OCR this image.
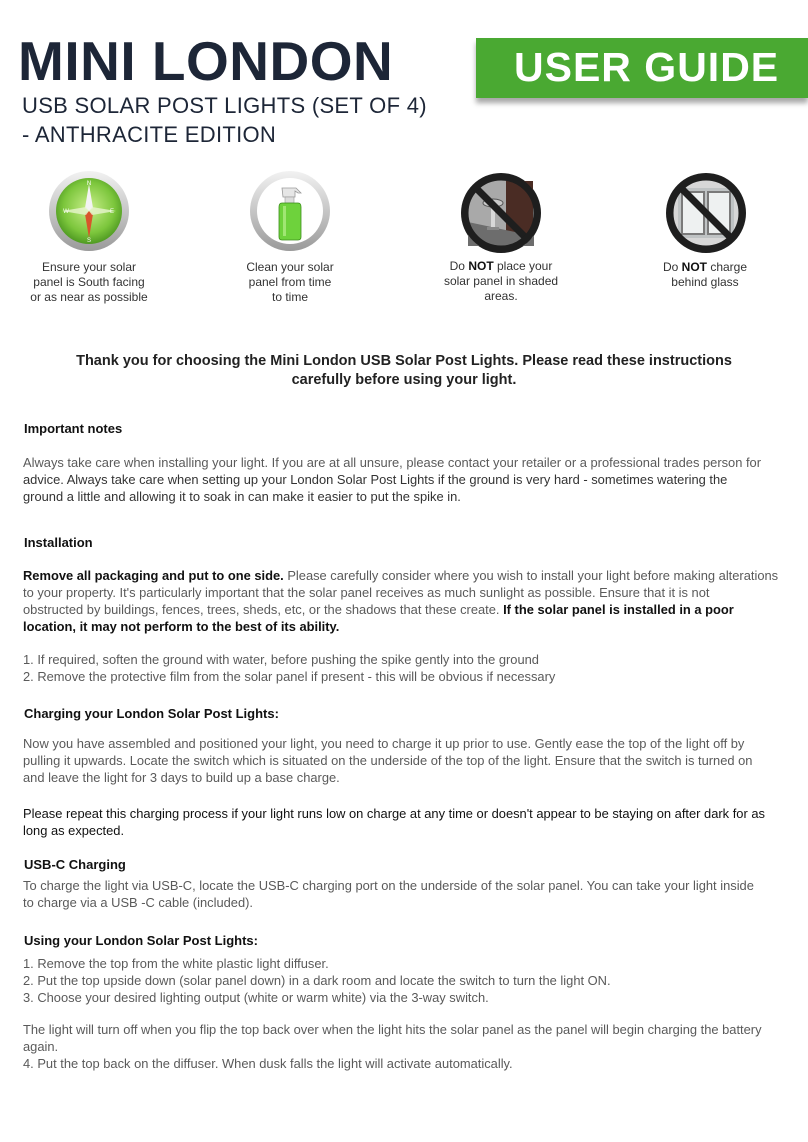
MINI LONDON
USB SOLAR POST LIGHTS (SET OF 4)
- ANTHRACITE EDITION
USER GUIDE
N
W	E
S
Ensure your solar
panel is South facing
or as near as possible
Clean your solar
panel from time
to time
Do NOT place your
solar panel in shaded
areas.
Do NOT charge
behind glass
Thank you for choosing the Mini London USB Solar Post Lights. Please read these instructions
carefully before using your light.
Important notes
Always take care when installing your light. If you are at all unsure, please contact your retailer or a professional trades person for
advice. Always take care when setting up your London Solar Post Lights if the ground is very hard - sometimes watering the
ground a little and allowing it to soak in can make it easier to put the spike in.
Installation
Remove all packaging and put to one side. Please carefully consider where you wish to install your light before making alterations
to your property. It's particularly important that the solar panel receives as much sunlight as possible. Ensure that it is not
obstructed by buildings, fences, trees, sheds, etc, or the shadows that these create. If the solar panel is installed in a poor
location, it may not perform to the best of its ability.
1. If required, soften the ground with water, before pushing the spike gently into the ground
2. Remove the protective film from the solar panel if present - this will be obvious if necessary
Charging your London Solar Post Lights:
Now you have assembled and positioned your light, you need to charge it up prior to use. Gently ease the top of the light off by
pulling it upwards. Locate the switch which is situated on the underside of the top of the light. Ensure that the switch is turned on
and leave the light for 3 days to build up a base charge.
Please repeat this charging process if your light runs low on charge at any time or doesn't appear to be staying on after dark for as
long as expected.
USB-C Charging
To charge the light via USB-C, locate the USB-C charging port on the underside of the solar panel. You can take your light inside
to charge via a USB -C cable (included).
Using your London Solar Post Lights:
1. Remove the top from the white plastic light diffuser.
2. Put the top upside down (solar panel down) in a dark room and locate the switch to turn the light ON.
3. Choose your desired lighting output (white or warm white) via the 3-way switch.
The light will turn off when you flip the top back over when the light hits the solar panel as the panel will begin charging the battery
again.
4. Put the top back on the diffuser. When dusk falls the light will activate automatically.
